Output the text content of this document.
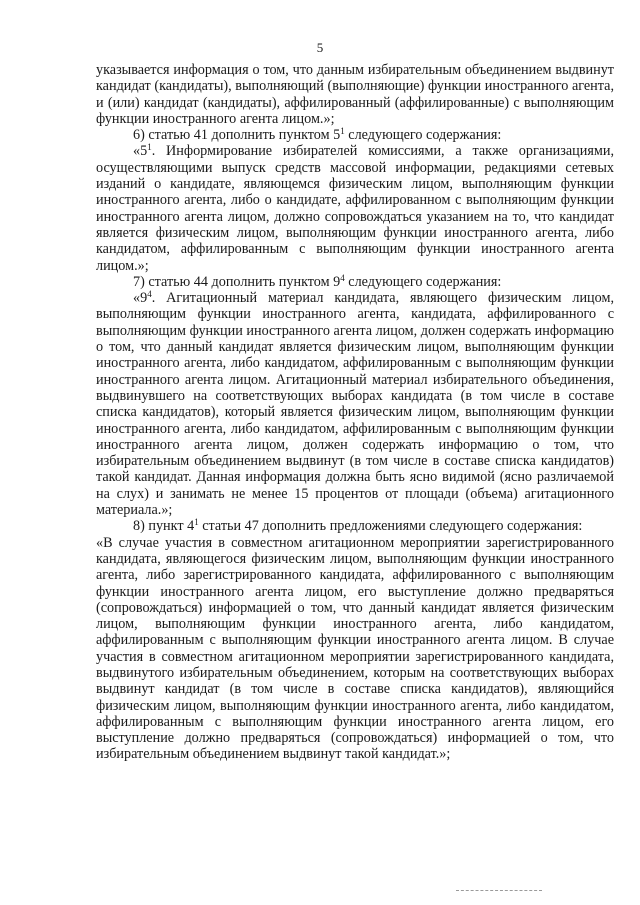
5
указывается информация о том, что данным избирательным объединением выдвинут кандидат (кандидаты), выполняющий (выполняющие) функции иностранного агента, и (или) кандидат (кандидаты), аффилированный (аффилированные) с выполняющим функции иностранного агента лицом.»;
6) статью 41 дополнить пунктом $5^1$ следующего содержания:
«$5^1$. Информирование избирателей комиссиями, а также организациями, осуществляющими выпуск средств массовой информации, редакциями сетевых изданий о кандидате, являющемся физическим лицом, выполняющим функции иностранного агента, либо о кандидате, аффилированном с выполняющим функции иностранного агента лицом, должно сопровождаться указанием на то, что кандидат является физическим лицом, выполняющим функции иностранного агента, либо кандидатом, аффилированным с выполняющим функции иностранного агента лицом.»;
7) статью 44 дополнить пунктом $9^4$ следующего содержания:
«$9^4$. Агитационный материал кандидата, являющего физическим лицом, выполняющим функции иностранного агента, кандидата, аффилированного с выполняющим функции иностранного агента лицом, должен содержать информацию о том, что данный кандидат является физическим лицом, выполняющим функции иностранного агента, либо кандидатом, аффилированным с выполняющим функции иностранного агента лицом. Агитационный материал избирательного объединения, выдвинувшего на соответствующих выборах кандидата (в том числе в составе списка кандидатов), который является физическим лицом, выполняющим функции иностранного агента, либо кандидатом, аффилированным с выполняющим функции иностранного агента лицом, должен содержать информацию о том, что избирательным объединением выдвинут (в том числе в составе списка кандидатов) такой кандидат. Данная информация должна быть ясно видимой (ясно различаемой на слух) и занимать не менее 15 процентов от площади (объема) агитационного материала.»;
8) пункт $4^1$ статьи 47 дополнить предложениями следующего содержания:
«В случае участия в совместном агитационном мероприятии зарегистрированного кандидата, являющегося физическим лицом, выполняющим функции иностранного агента, либо зарегистрированного кандидата, аффилированного с выполняющим функции иностранного агента лицом, его выступление должно предваряться (сопровождаться) информацией о том, что данный кандидат является физическим лицом, выполняющим функции иностранного агента, либо кандидатом, аффилированным с выполняющим функции иностранного агента лицом. В случае участия в совместном агитационном мероприятии зарегистрированного кандидата, выдвинутого избирательным объединением, которым на соответствующих выборах выдвинут кандидат (в том числе в составе списка кандидатов), являющийся физическим лицом, выполняющим функции иностранного агента, либо кандидатом, аффилированным с выполняющим функции иностранного агента лицом, его выступление должно предваряться (сопровождаться) информацией о том, что избирательным объединением выдвинут такой кандидат.»;
